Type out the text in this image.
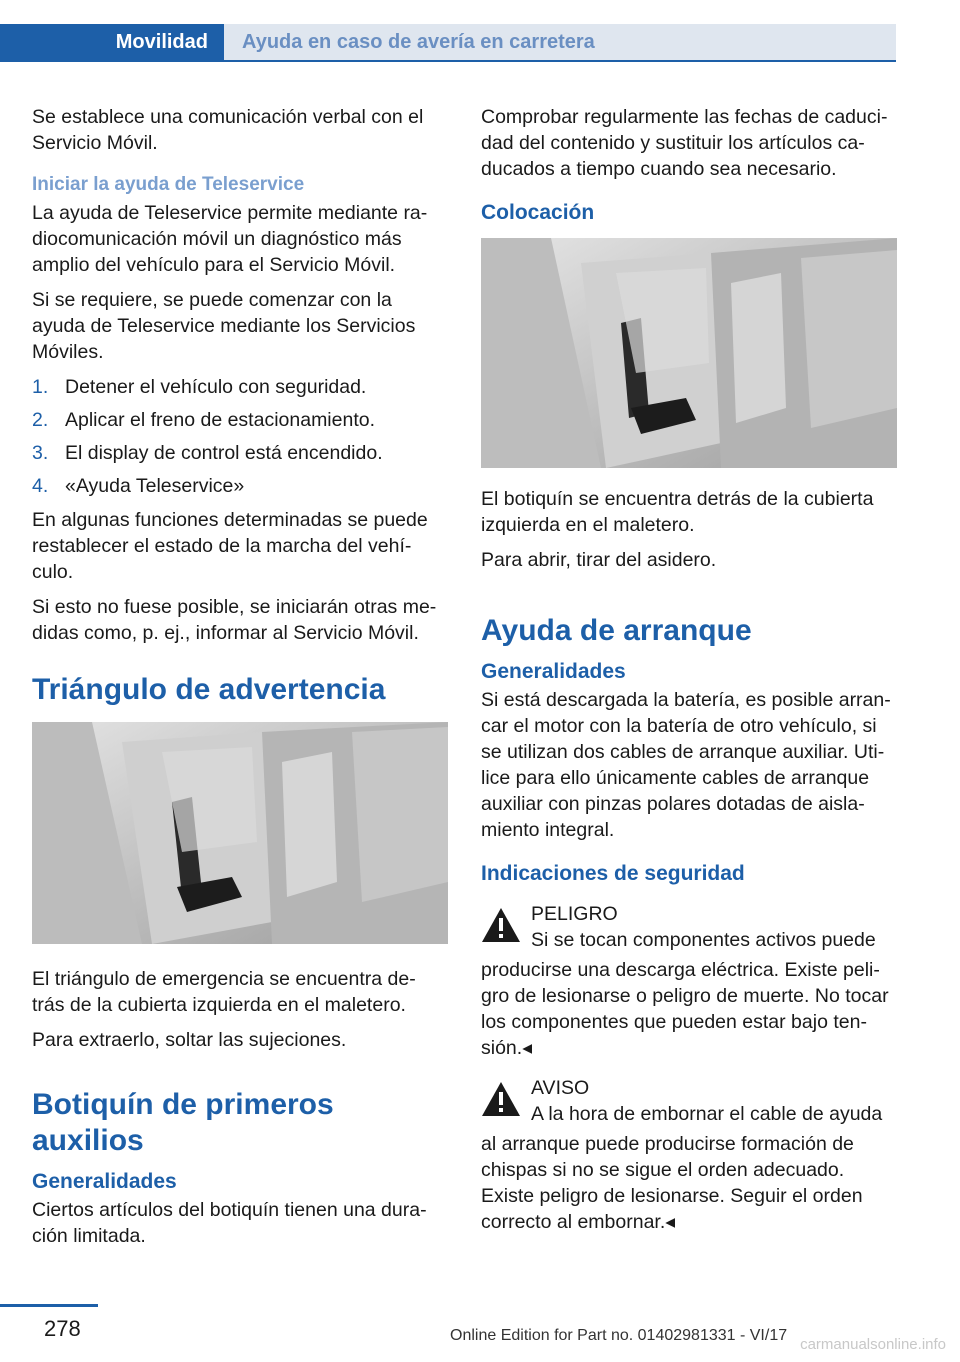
Movilidad Ayuda en caso de avería en carretera

Se establece una comunicación verbal con el Servicio Móvil.

Iniciar la ayuda de Teleservice

La ayuda de Teleservice permite mediante ra‐diocomunicación móvil un diagnóstico más amplio del vehículo para el Servicio Móvil.

Si se requiere, se puede comenzar con la ayuda de Teleservice mediante los Servicios Móviles.

1. Detener el vehículo con seguridad.
2. Aplicar el freno de estacionamiento.
3. El display de control está encendido.
4. «Ayuda Teleservice»

En algunas funciones determinadas se puede restablecer el estado de la marcha del vehí‐culo.

Si esto no fuese posible, se iniciarán otras me‐didas como, p. ej., informar al Servicio Móvil.

Triángulo de advertencia

El triángulo de emergencia se encuentra de‐trás de la cubierta izquierda en el maletero.

Para extraerlo, soltar las sujeciones.

Botiquín de primeros auxilios
Generalidades

Ciertos artículos del botiquín tienen una dura‐ción limitada.

Comprobar regularmente las fechas de caduci‐dad del contenido y sustituir los artículos ca‐ducados a tiempo cuando sea necesario.

Colocación

El botiquín se encuentra detrás de la cubierta izquierda en el maletero.

Para abrir, tirar del asidero.

Ayuda de arranque
Generalidades

Si está descargada la batería, es posible arran‐car el motor con la batería de otro vehículo, si se utilizan dos cables de arranque auxiliar. Uti‐lice para ello únicamente cables de arranque auxiliar con pinzas polares dotadas de aisla‐miento integral.

Indicaciones de seguridad
PELIGRO
Si se tocan componentes activos puede

producirse una descarga eléctrica. Existe peli‐gro de lesionarse o peligro de muerte. No tocar los componentes que pueden estar bajo ten‐sión.◂

AVISO
A la hora de embornar el cable de ayuda

al arranque puede producirse formación de chispas si no se sigue el orden adecuado. Existe peligro de lesionarse. Seguir el orden correcto al embornar.◂

278	Online Edition for Part no. 01402981331 - VI/17
carmanualsonline.info
